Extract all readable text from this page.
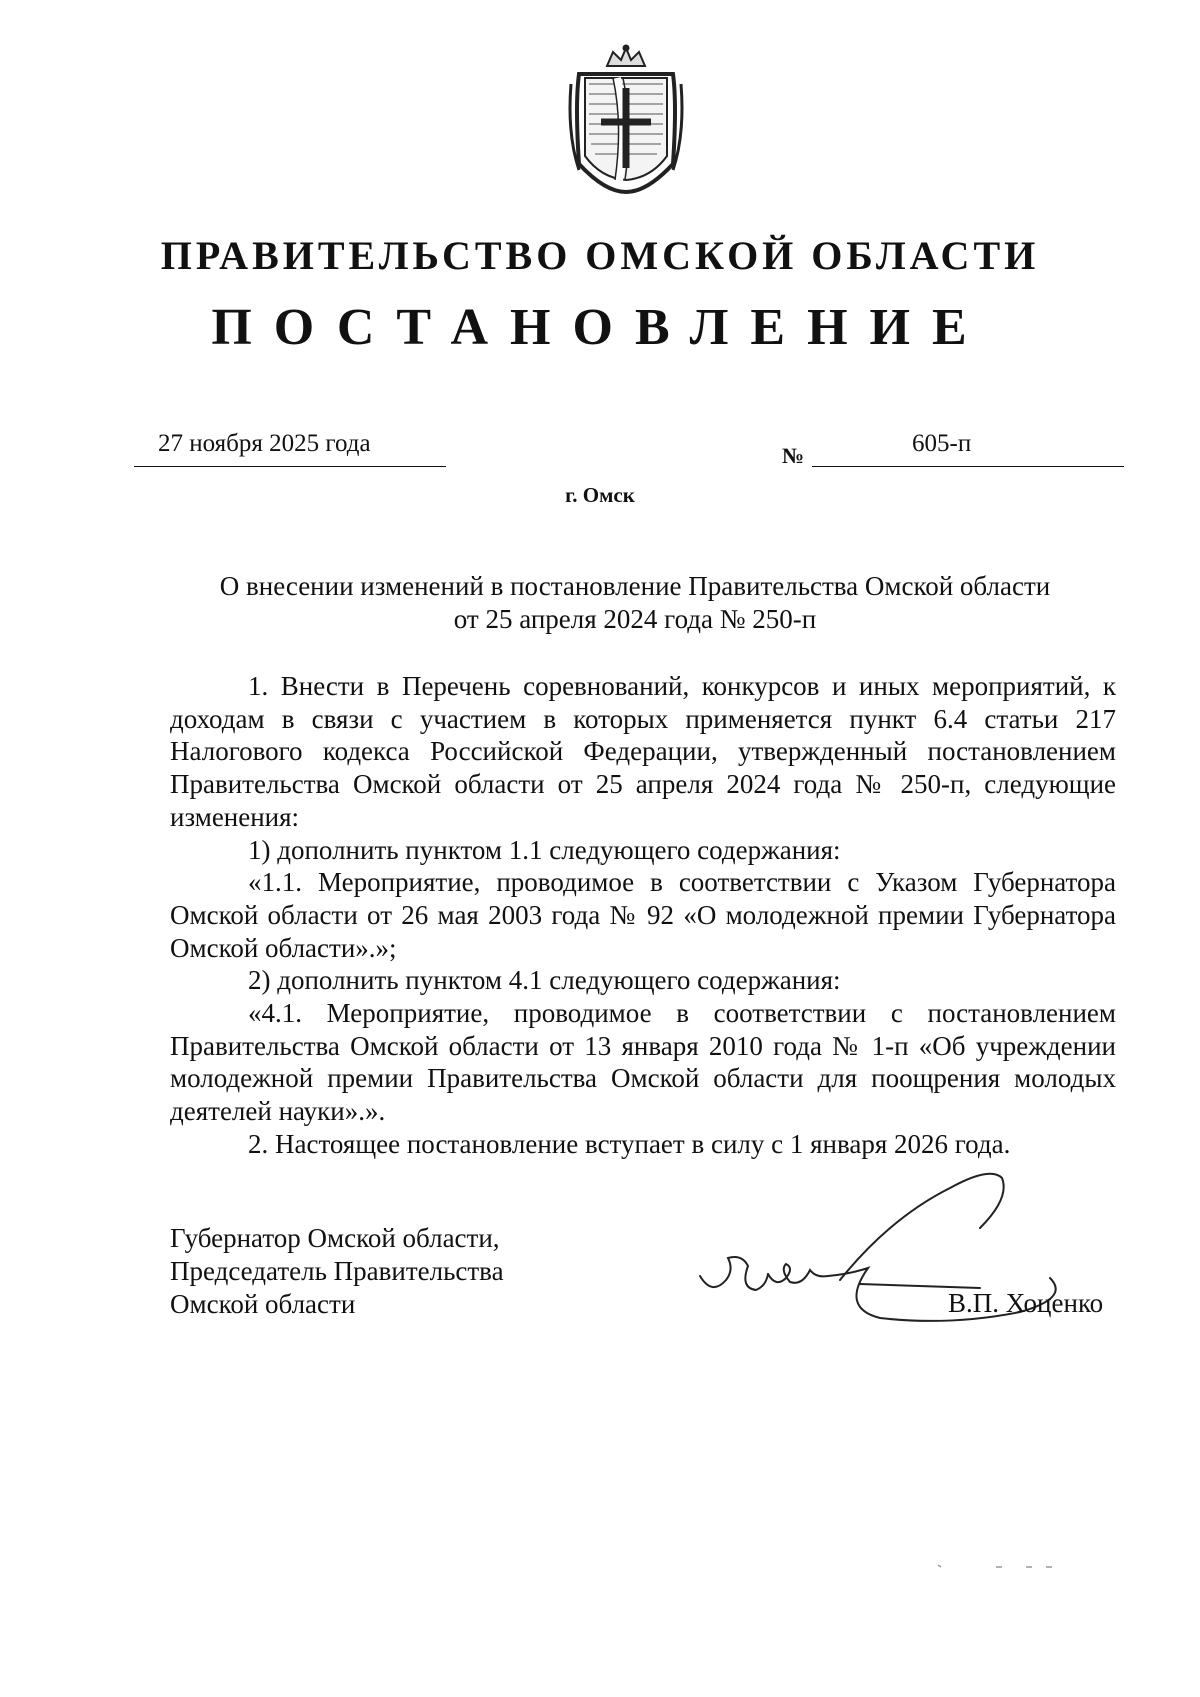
ПРАВИТЕЛЬСТВО ОМСКОЙ ОБЛАСТИ
ПОСТАНОВЛЕНИЕ
27 ноября 2025 года	№	605-п
г. Омск
О внесении изменений в постановление Правительства Омской области
от 25 апреля 2024 года № 250-п

1. Внести в Перечень соревнований, конкурсов и иных мероприятий, к доходам в связи с участием в которых применяется пункт 6.4 статьи 217 Налогового кодекса Российской Федерации, утвержденный постановлением Правительства Омской области от 25 апреля 2024 года № 250-п, следующие изменения:

1) дополнить пунктом 1.1 следующего содержания:

«1.1. Мероприятие, проводимое в соответствии с Указом Губернатора Омской области от 26 мая 2003 года № 92 «О молодежной премии Губернатора Омской области».»;

2) дополнить пунктом 4.1 следующего содержания:

«4.1. Мероприятие, проводимое в соответствии с постановлением Правительства Омской области от 13 января 2010 года № 1-п «Об учреждении молодежной премии Правительства Омской области для поощрения молодых деятелей науки».».

2. Настоящее постановление вступает в силу с 1 января 2026 года.

Губернатор Омской области,
Председатель Правительства
Омской области	В.П. Хоценко
